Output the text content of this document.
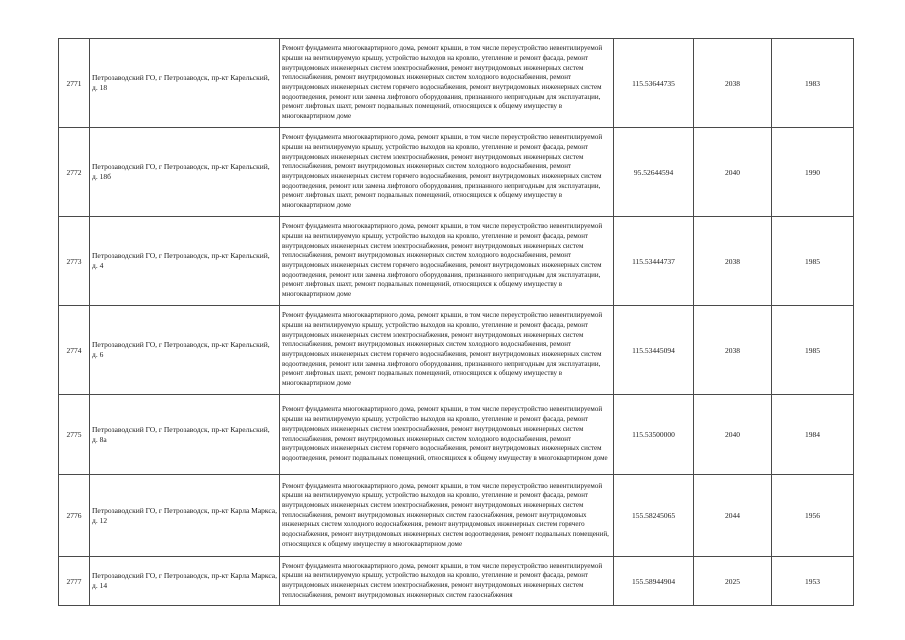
2771	Петрозаводский ГО, г Петрозаводск, пр-кт Карельский, д. 18	Ремонт фундамента многоквартирного дома, ремонт крыши, в том числе переустройство невентилируемой крыши на вентилируемую крышу, устройство выходов на кровлю, утепление и ремонт фасада, ремонт внутридомовых инженерных систем электроснабжения, ремонт внутридомовых инженерных систем теплоснабжения, ремонт внутридомовых инженерных систем холодного водоснабжения, ремонт внутридомовых инженерных систем горячего водоснабжения, ремонт внутридомовых инженерных систем водоотведения, ремонт или замена лифтового оборудования, признанного непригодным для эксплуатации, ремонт лифтовых шахт, ремонт подвальных помещений, относящихся к общему имуществу в многоквартирном доме	115.53644735	2038	1983
2772	Петрозаводский ГО, г Петрозаводск, пр-кт Карельский, д. 18б	Ремонт фундамента многоквартирного дома, ремонт крыши, в том числе переустройство невентилируемой крыши на вентилируемую крышу, устройство выходов на кровлю, утепление и ремонт фасада, ремонт внутридомовых инженерных систем электроснабжения, ремонт внутридомовых инженерных систем теплоснабжения, ремонт внутридомовых инженерных систем холодного водоснабжения, ремонт внутридомовых инженерных систем горячего водоснабжения, ремонт внутридомовых инженерных систем водоотведения, ремонт или замена лифтового оборудования, признанного непригодным для эксплуатации, ремонт лифтовых шахт, ремонт подвальных помещений, относящихся к общему имуществу в многоквартирном доме	95.52644594	2040	1990
2773	Петрозаводский ГО, г Петрозаводск, пр-кт Карельский, д. 4	Ремонт фундамента многоквартирного дома, ремонт крыши, в том числе переустройство невентилируемой крыши на вентилируемую крышу, устройство выходов на кровлю, утепление и ремонт фасада, ремонт внутридомовых инженерных систем электроснабжения, ремонт внутридомовых инженерных систем теплоснабжения, ремонт внутридомовых инженерных систем холодного водоснабжения, ремонт внутридомовых инженерных систем горячего водоснабжения, ремонт внутридомовых инженерных систем водоотведения, ремонт или замена лифтового оборудования, признанного непригодным для эксплуатации, ремонт лифтовых шахт, ремонт подвальных помещений, относящихся к общему имуществу в многоквартирном доме	115.53444737	2038	1985
2774	Петрозаводский ГО, г Петрозаводск, пр-кт Карельский, д. 6	Ремонт фундамента многоквартирного дома, ремонт крыши, в том числе переустройство невентилируемой крыши на вентилируемую крышу, устройство выходов на кровлю, утепление и ремонт фасада, ремонт внутридомовых инженерных систем электроснабжения, ремонт внутридомовых инженерных систем теплоснабжения, ремонт внутридомовых инженерных систем холодного водоснабжения, ремонт внутридомовых инженерных систем горячего водоснабжения, ремонт внутридомовых инженерных систем водоотведения, ремонт или замена лифтового оборудования, признанного непригодным для эксплуатации, ремонт лифтовых шахт, ремонт подвальных помещений, относящихся к общему имуществу в многоквартирном доме	115.53445094	2038	1985
2775	Петрозаводский ГО, г Петрозаводск, пр-кт Карельский, д. 8а	Ремонт фундамента многоквартирного дома, ремонт крыши, в том числе переустройство невентилируемой крыши на вентилируемую крышу, устройство выходов на кровлю, утепление и ремонт фасада, ремонт внутридомовых инженерных систем электроснабжения, ремонт внутридомовых инженерных систем теплоснабжения, ремонт внутридомовых инженерных систем холодного водоснабжения, ремонт внутридомовых инженерных систем горячего водоснабжения, ремонт внутридомовых инженерных систем водоотведения, ремонт подвальных помещений, относящихся к общему имуществу в многоквартирном доме	115.53500000	2040	1984
2776	Петрозаводский ГО, г Петрозаводск, пр-кт Карла Маркса, д. 12	Ремонт фундамента многоквартирного дома, ремонт крыши, в том числе переустройство невентилируемой крыши на вентилируемую крышу, устройство выходов на кровлю, утепление и ремонт фасада, ремонт внутридомовых инженерных систем электроснабжения, ремонт внутридомовых инженерных систем теплоснабжения, ремонт внутридомовых инженерных систем газоснабжения, ремонт внутридомовых инженерных систем холодного водоснабжения, ремонт внутридомовых инженерных систем горячего водоснабжения, ремонт внутридомовых инженерных систем водоотведения, ремонт подвальных помещений, относящихся к общему имуществу в многоквартирном доме	155.58245065	2044	1956
2777	Петрозаводский ГО, г Петрозаводск, пр-кт Карла Маркса, д. 14	Ремонт фундамента многоквартирного дома, ремонт крыши, в том числе переустройство невентилируемой крыши на вентилируемую крышу, устройство выходов на кровлю, утепление и ремонт фасада, ремонт внутридомовых инженерных систем электроснабжения, ремонт внутридомовых инженерных систем теплоснабжения, ремонт внутридомовых инженерных систем газоснабжения	155.58944904	2025	1953
